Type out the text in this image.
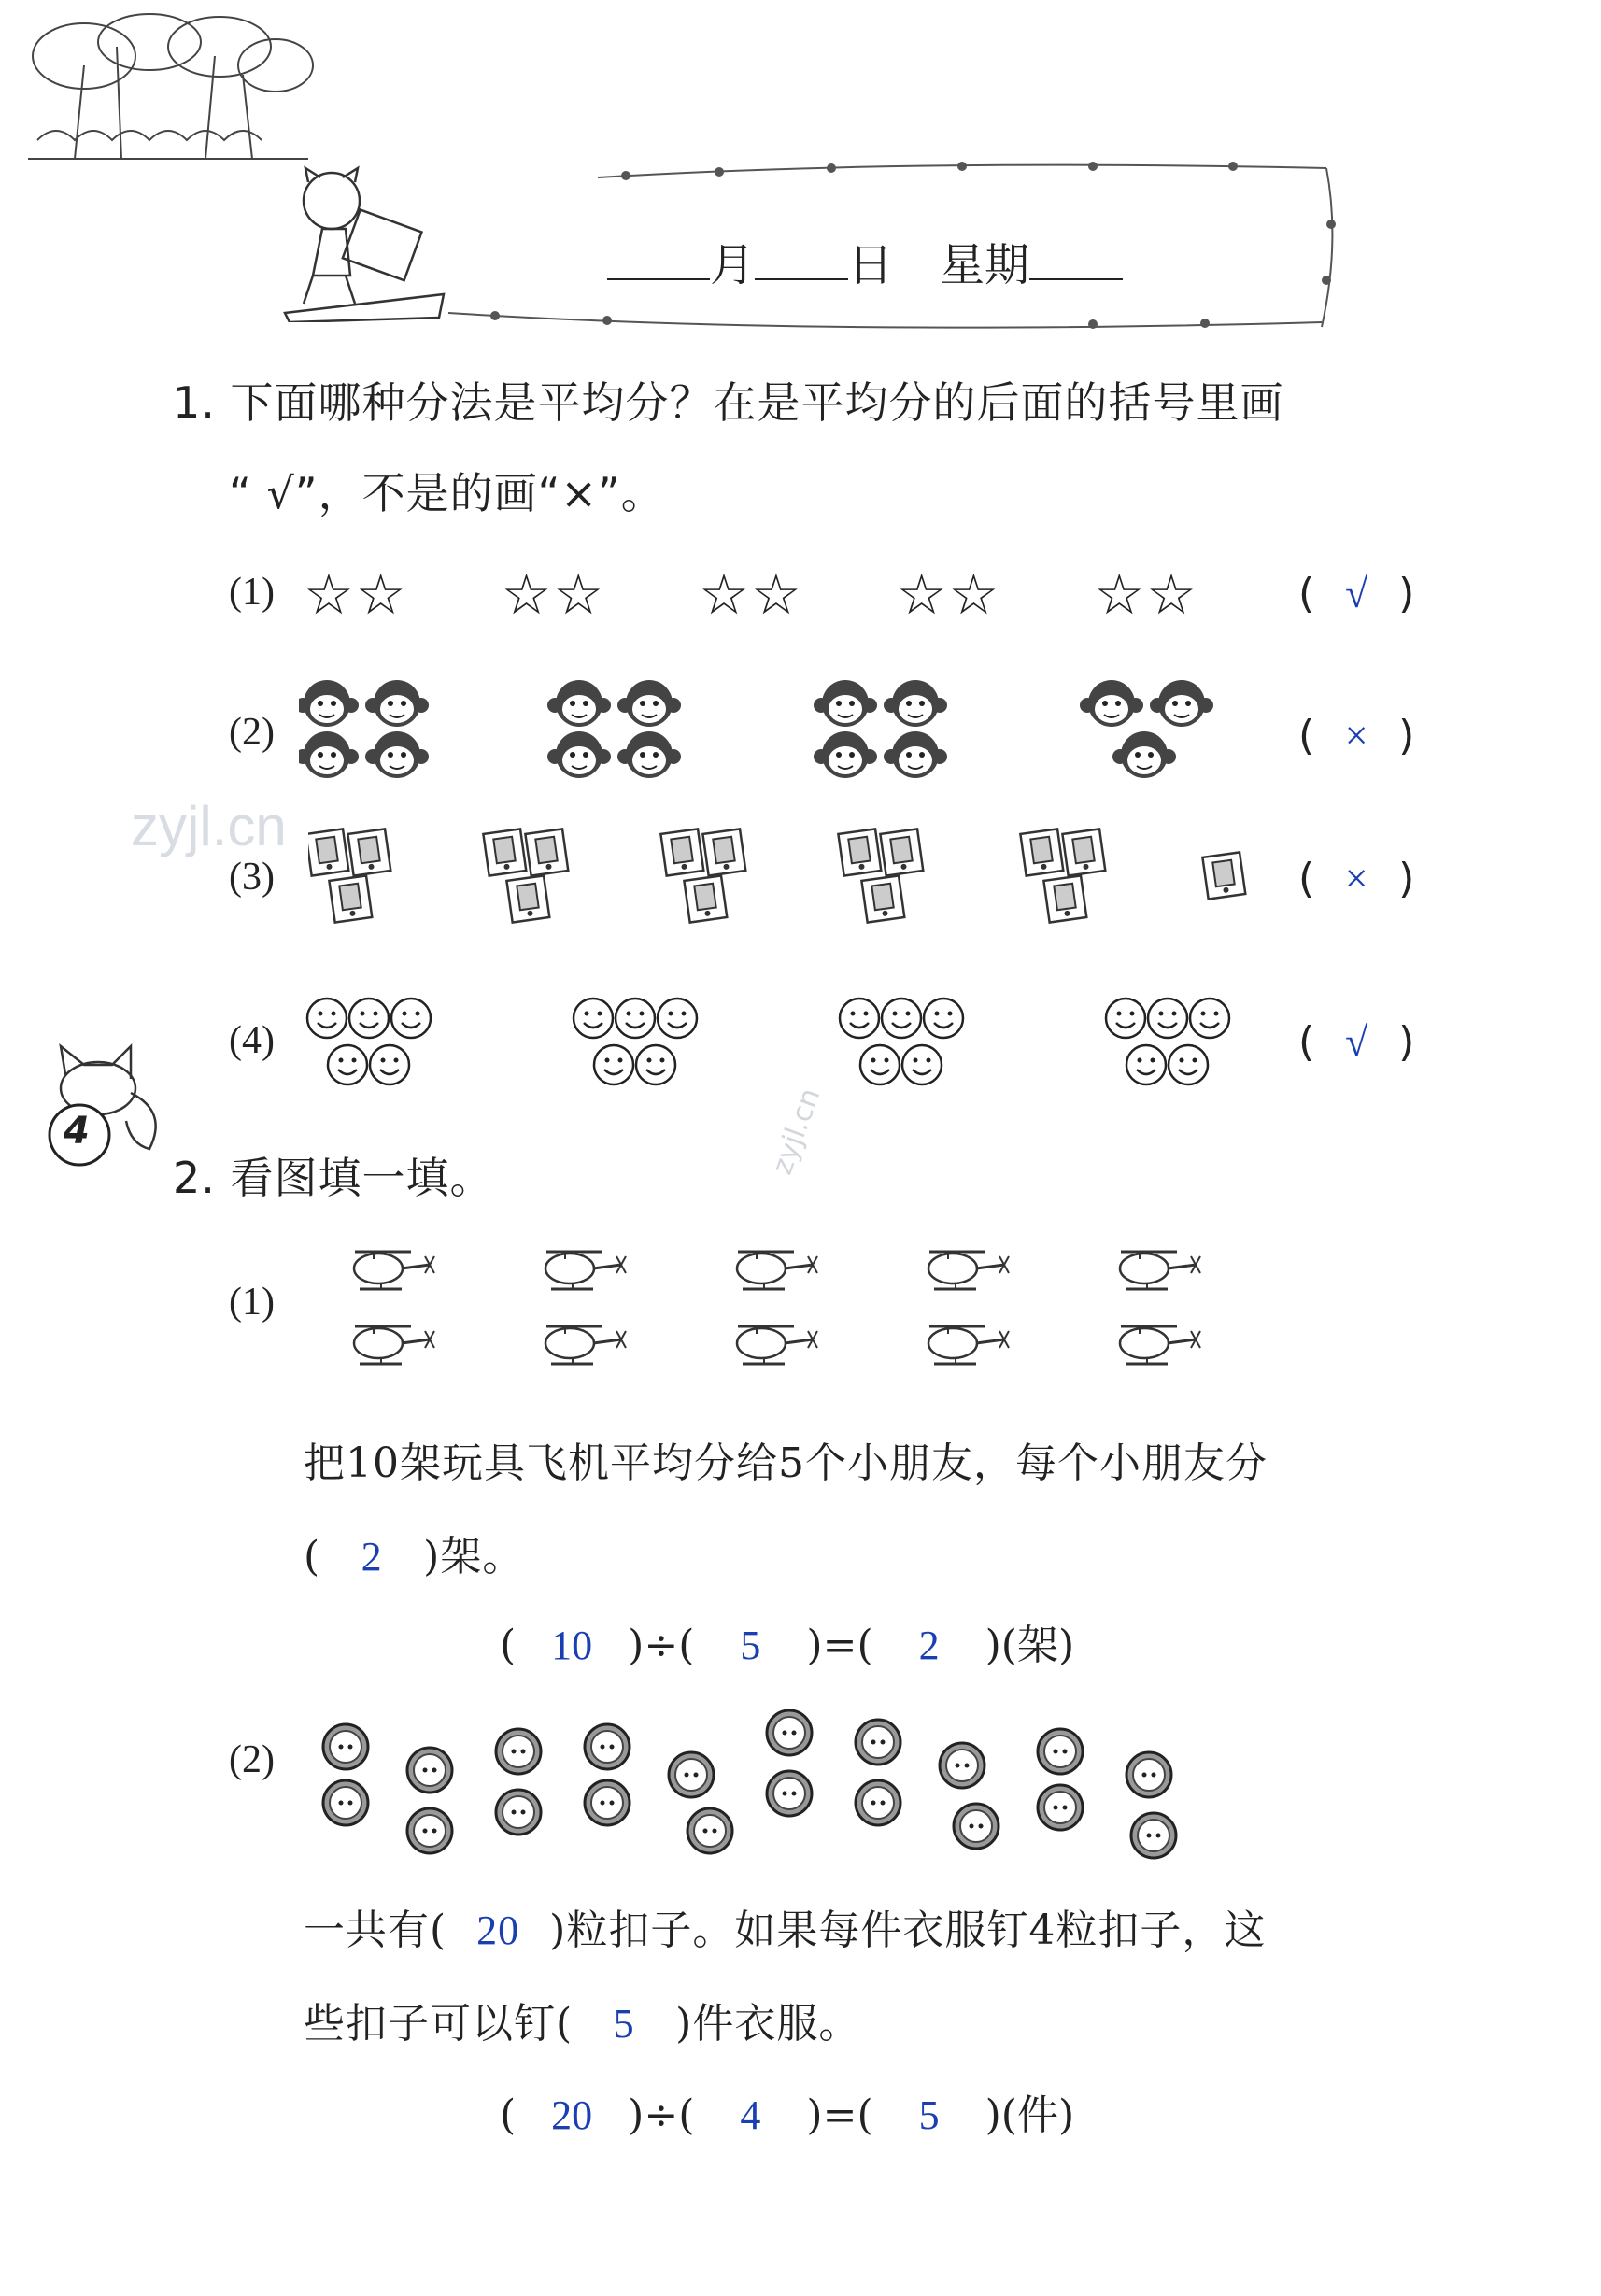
月 日 星期
1. 下面哪种分法是平均分？在是平均分的后面的括号里画
“ √”，不是的画“×”。
(1)
(2)
(3)
(4)
( √ )
( × )
( × )
( √ )
☆☆ ☆☆ ☆☆ ☆☆ ☆☆
4
zyjl.cn
zyjl.cn
2. 看图填一填。
(1)
把10架玩具飞机平均分给5个小朋友，每个小朋友分
( 2 )架。
( 10 )÷( 5 )=( 2 )(架)
(2)
一共有( 20 )粒扣子。如果每件衣服钉4粒扣子，这
些扣子可以钉( 5 )件衣服。
( 20 )÷( 4 )=( 5 )(件)
